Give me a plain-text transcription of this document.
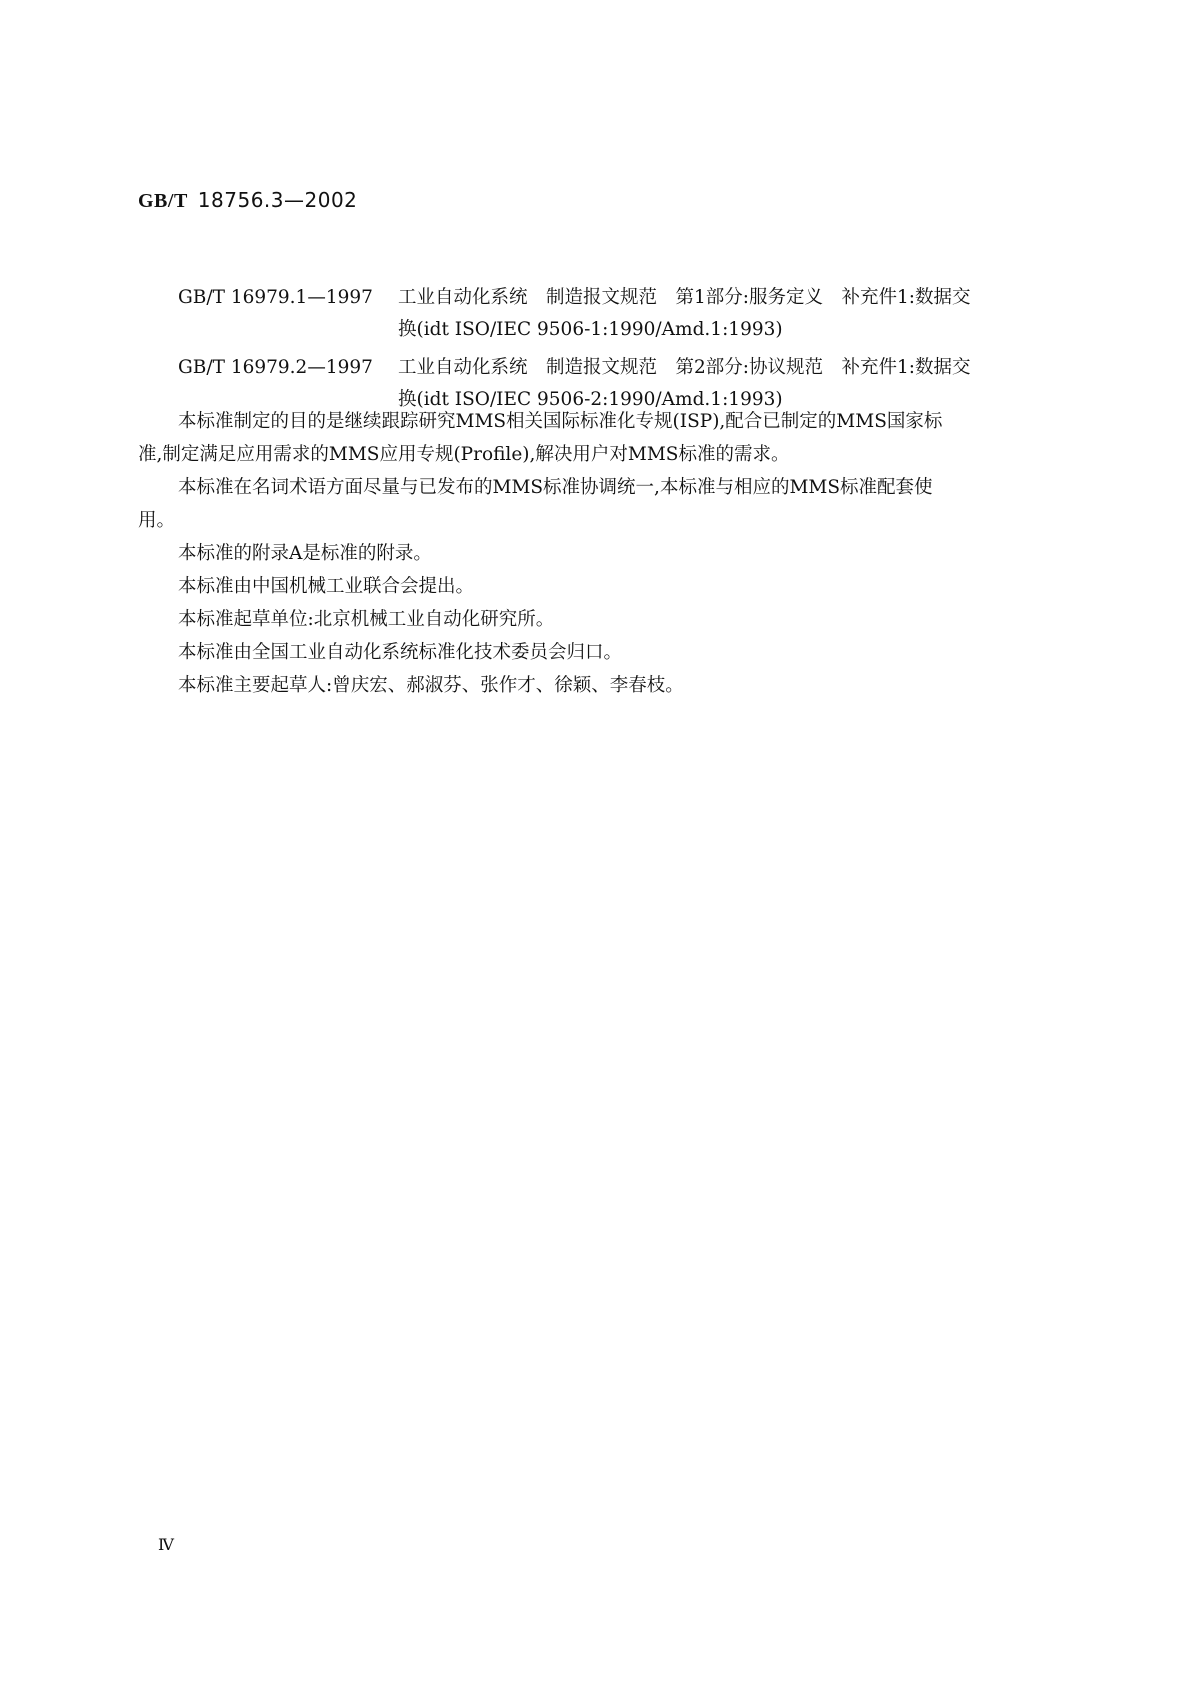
GB/T 18756.3—2002
GB/T 16979.1—1997	工业自动化系统　制造报文规范　第1部分:服务定义　补充件1:数据交
换(idt ISO/IEC 9506-1:1990/Amd.1:1993)
GB/T 16979.2—1997	工业自动化系统　制造报文规范　第2部分:协议规范　补充件1:数据交
换(idt ISO/IEC 9506-2:1990/Amd.1:1993)

本标准制定的目的是继续跟踪研究MMS相关国际标准化专规(ISP),配合已制定的MMS国家标
准,制定满足应用需求的MMS应用专规(Profile),解决用户对MMS标准的需求。

本标准在名词术语方面尽量与已发布的MMS标准协调统一,本标准与相应的MMS标准配套使
用。

本标准的附录A是标准的附录。

本标准由中国机械工业联合会提出。

本标准起草单位:北京机械工业自动化研究所。

本标准由全国工业自动化系统标准化技术委员会归口。

本标准主要起草人:曾庆宏、郝淑芬、张作才、徐颖、李春枝。

Ⅳ
